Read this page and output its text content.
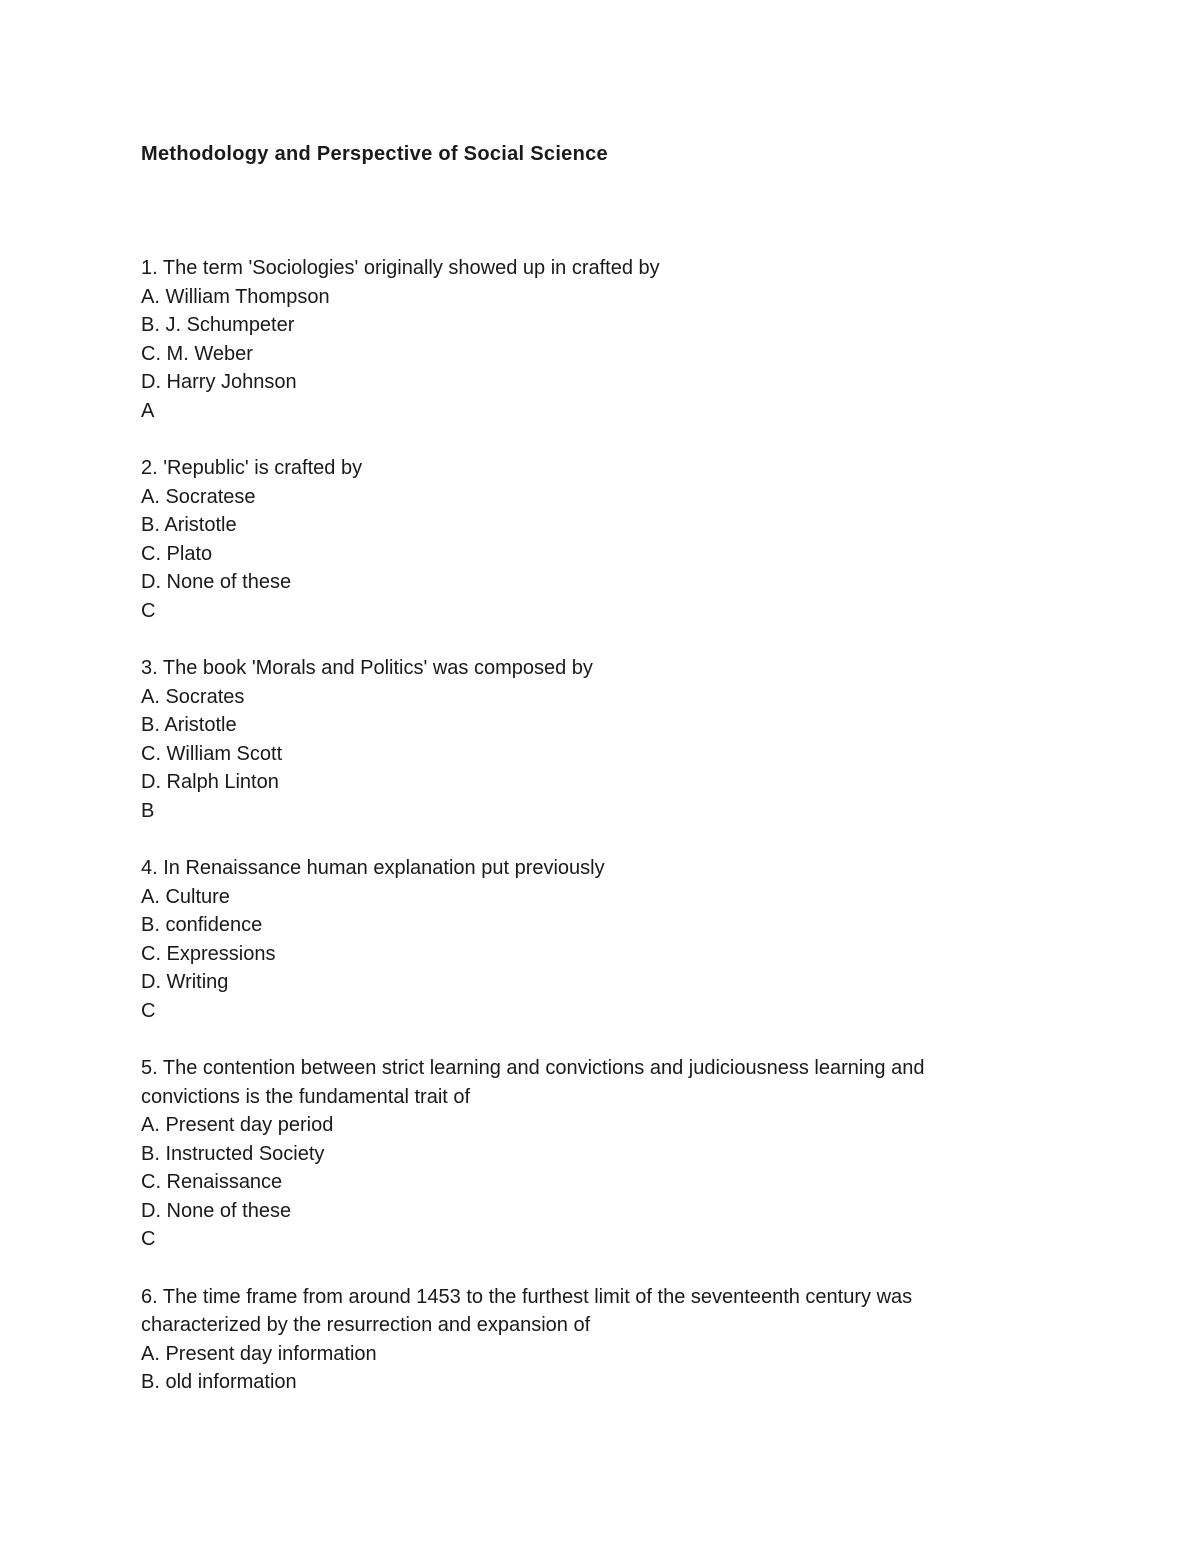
Methodology and Perspective of Social Science
1. The term 'Sociologies' originally showed up in crafted by
A. William Thompson
B. J. Schumpeter
C. M. Weber
D. Harry Johnson
A
2. 'Republic' is crafted by
A. Socratese
B. Aristotle
C. Plato
D. None of these
C
3. The book 'Morals and Politics' was composed by
A. Socrates
B. Aristotle
C. William Scott
D. Ralph Linton
B
4. In Renaissance human explanation put previously
A. Culture
B. confidence
C. Expressions
D. Writing
C
5. The contention between strict learning and convictions and judiciousness learning and
convictions is the fundamental trait of
A. Present day period
B. Instructed Society
C. Renaissance
D. None of these
C
6. The time frame from around 1453 to the furthest limit of the seventeenth century was
characterized by the resurrection and expansion of
A. Present day information
B. old information
